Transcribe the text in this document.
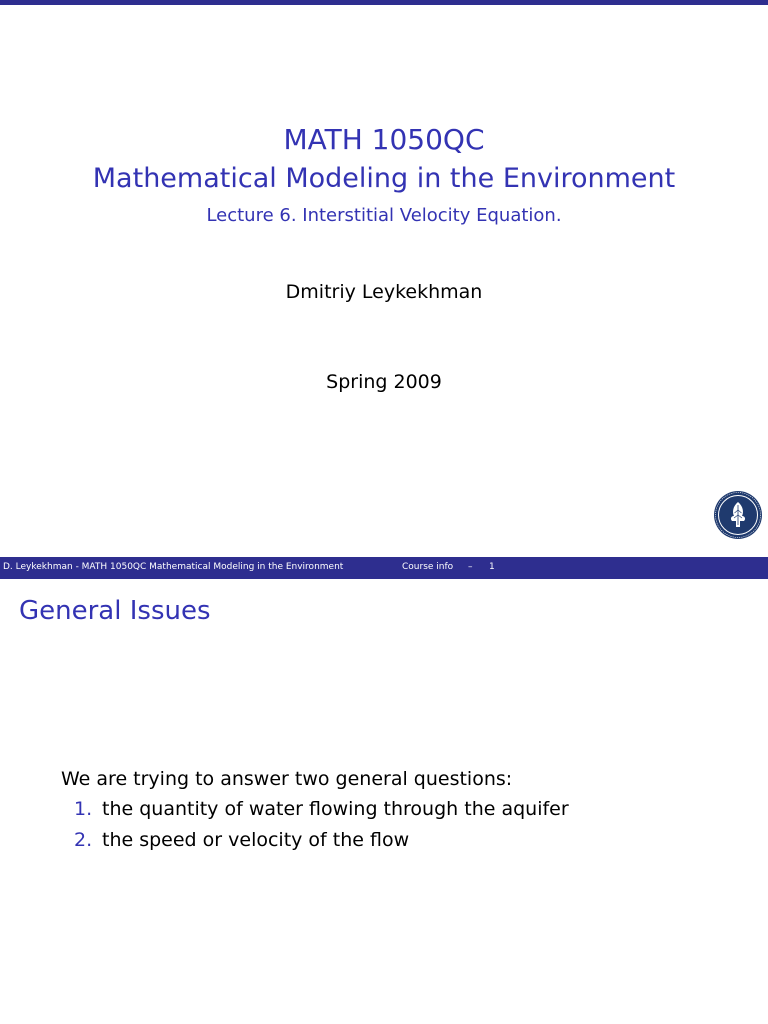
MATH 1050QC
Mathematical Modeling in the Environment
Lecture 6. Interstitial Velocity Equation.
Dmitriy Leykekhman
Spring 2009
D. Leykekhman - MATH 1050QC Mathematical Modeling in the Environment	Course info – 1
General Issues
We are trying to answer two general questions:
1. the quantity of water flowing through the aquifer
2. the speed or velocity of the flow
